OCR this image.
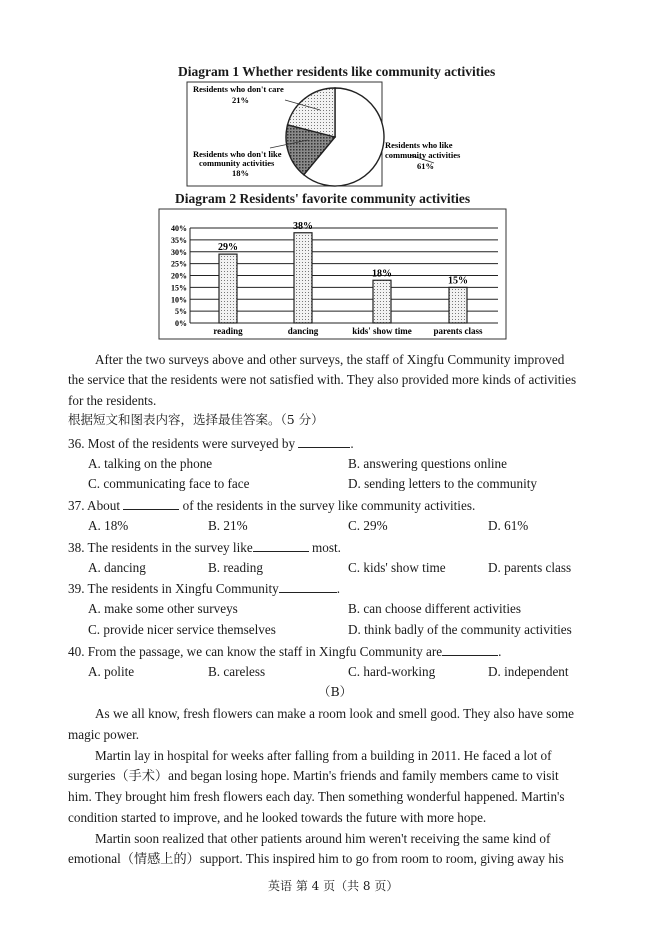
Diagram 1 Whether residents like community activities
Residents who like
community activities
61%
Residents who don't like
community activities
18%
Residents who don't care
21%
Diagram 2 Residents' favorite community activities
0%
5%
10%
15%
20%
25%
30%
35%
40%
29%
reading
38%
dancing
18%
kids' show time
15%
parents class
After the two surveys above and other surveys, the staff of Xingfu Community improved
the service that the residents were not satisfied with. They also provided more kinds of activities
for the residents.
根据短文和图表内容，选择最佳答案。（5 分）
36. Most of the residents were surveyed by	.
A. talking on the phone	B. answering questions online
C. communicating face to face	D. sending letters to the community
37. About	of the residents in the survey like community activities.
A. 18%	B. 21%	C. 29%	D. 61%
38. The residents in the survey like	most.
A. dancing	B. reading	C. kids' show time	D. parents class
39. The residents in Xingfu Community	.
A. make some other surveys	B. can choose different activities
C. provide nicer service themselves	D. think badly of the community activities
40. From the passage, we can know the staff in Xingfu Community are	.
A. polite	B. careless	C. hard-working	D. independent
（B）
As we all know, fresh flowers can make a room look and smell good. They also have some
magic power.
Martin lay in hospital for weeks after falling from a building in 2011. He faced a lot of
surgeries（手术）and began losing hope. Martin's friends and family members came to visit
him. They brought him fresh flowers each day. Then something wonderful happened. Martin's
condition started to improve, and he looked towards the future with more hope.
Martin soon realized that other patients around him weren't receiving the same kind of
emotional（情感上的）support. This inspired him to go from room to room, giving away his
英语 第 4 页（共 8 页）
